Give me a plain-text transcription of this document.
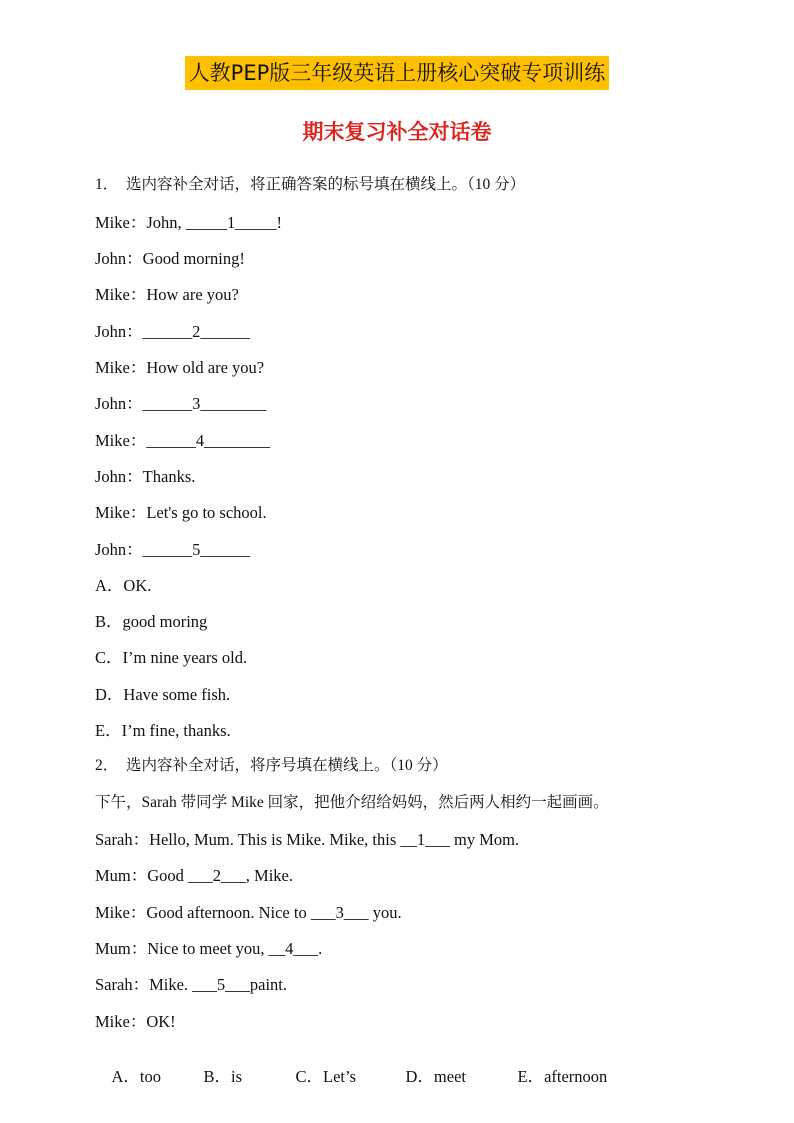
人教PEP版三年级英语上册核心突破专项训练
期末复习补全对话卷
1．  选内容补全对话，将正确答案的标号填在横线上。（10 分）
Mike：John, _____1_____!
John：Good morning!
Mike：How are you?
John：______2______
Mike：How old are you?
John：______3________
Mike：______4________
John：Thanks.
Mike：Let's go to school.
John：______5______
A．OK.
B．good moring
C．I’m nine years old.
D．Have some fish.
E．I’m fine, thanks.
2．  选内容补全对话，将序号填在横线上。（10 分）
下午，Sarah 带同学 Mike 回家，把他介绍给妈妈，然后两人相约一起画画。
Sarah：Hello, Mum. This is Mike. Mike, this __1___ my Mom.
Mum：Good ___2___, Mike.
Mike：Good afternoon. Nice to ___3___ you.
Mum：Nice to meet you, __4___.
Sarah：Mike. ___5___paint.
Mike：OK!

A．too	B．is	C．Let’s	D．meet	E．afternoon
